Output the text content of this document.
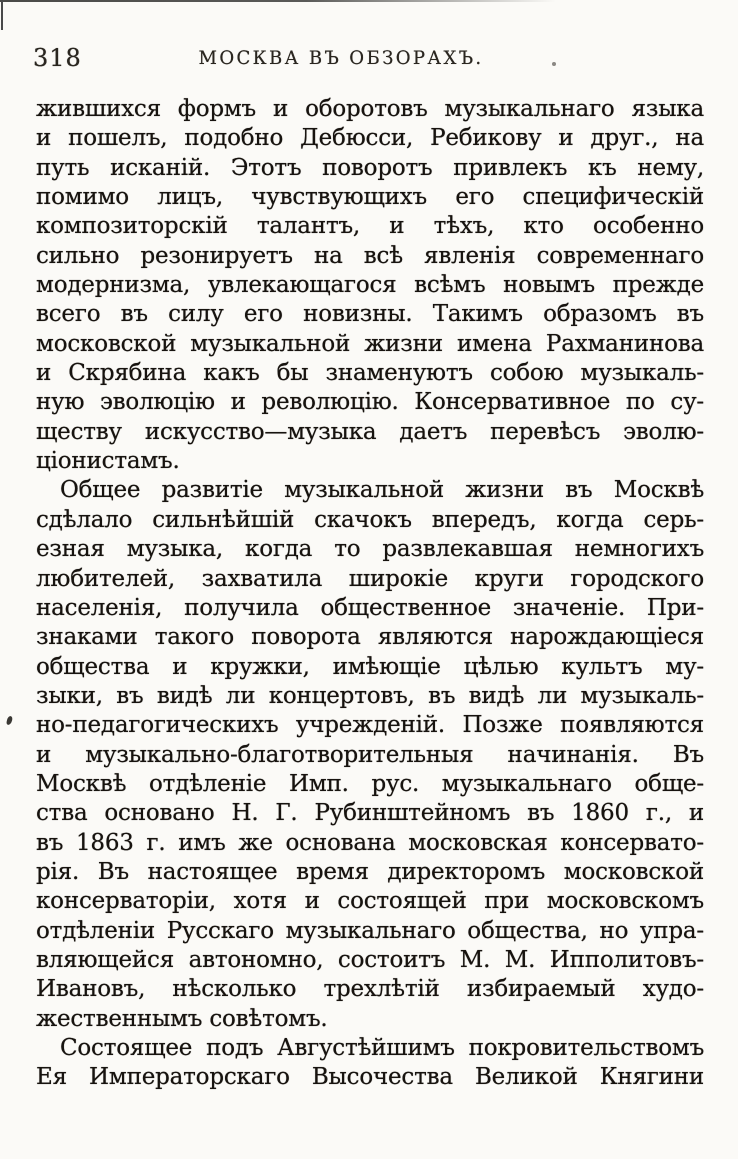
318	МОСКВА ВЪ ОБЗОРАХЪ.
жившихся формъ и оборотовъ музыкальнаго языка
и пошелъ, подобно Дебюсси, Ребикову и друг., на
путь исканій. Этотъ поворотъ привлекъ къ нему,
помимо лицъ, чувствующихъ его специфическій
композиторскій талантъ, и тѣхъ, кто особенно
сильно резонируетъ на всѣ явленія современнаго
модернизма, увлекающагося всѣмъ новымъ прежде
всего въ силу его новизны. Такимъ образомъ въ
московской музыкальной жизни имена Рахманинова
и Скрябина какъ бы знаменуютъ собою музыкаль-
ную эволюцію и революцію. Консервативное по су-
ществу искусство—музыка даетъ перевѣсъ эволю-
ціонистамъ.
Общее развитіе музыкальной жизни въ Москвѣ
сдѣлало сильнѣйшій скачокъ впередъ, когда серь-
езная музыка, когда то развлекавшая немногихъ
любителей, захватила широкіе круги городского
населенія, получила общественное значеніе. При-
знаками такого поворота являются нарождающіеся
общества и кружки, имѣющіе цѣлью культъ му-
зыки, въ видѣ ли концертовъ, въ видѣ ли музыкаль-
но-педагогическихъ учрежденій. Позже появляются
и музыкально-благотворительныя начинанія. Въ
Москвѣ отдѣленіе Имп. рус. музыкальнаго обще-
ства основано Н. Г. Рубинштейномъ въ 1860 г., и
въ 1863 г. имъ же основана московская консервато-
рія. Въ настоящее время директоромъ московской
консерваторіи, хотя и состоящей при московскомъ
отдѣленіи Русскаго музыкальнаго общества, но упра-
вляющейся автономно, состоитъ М. М. Ипполитовъ-
Ивановъ, нѣсколько трехлѣтій избираемый худо-
жественнымъ совѣтомъ.
Состоящее подъ Августѣйшимъ покровительствомъ
Ея Императорскаго Высочества Великой Княгини
